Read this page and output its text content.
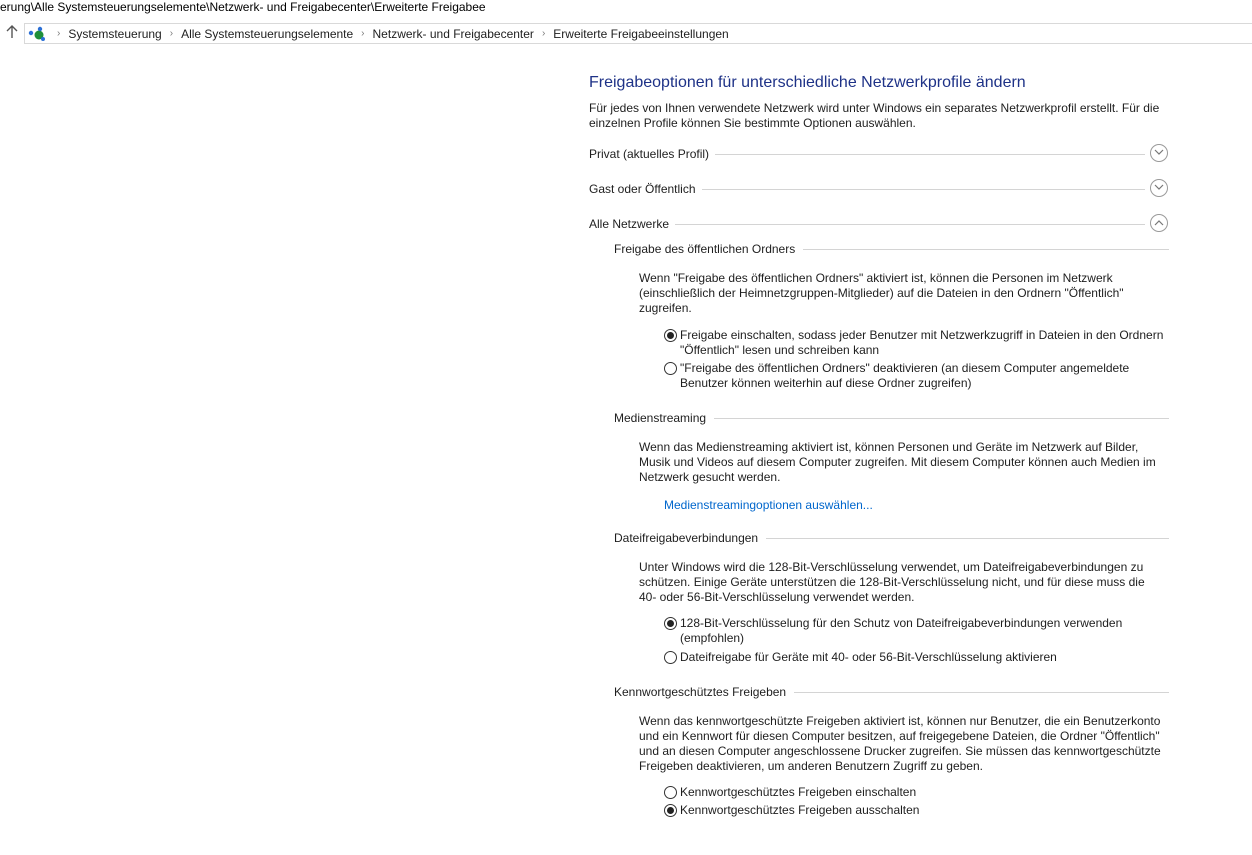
erung\Alle Systemsteuerungselemente\Netzwerk- und Freigabecenter\Erweiterte Freigabee
› Systemsteuerung › Alle Systemsteuerungselemente › Netzwerk- und Freigabecenter › Erweiterte Freigabeeinstellungen
Freigabeoptionen für unterschiedliche Netzwerkprofile ändern
Für jedes von Ihnen verwendete Netzwerk wird unter Windows ein separates Netzwerkprofil erstellt. Für die einzelnen Profile können Sie bestimmte Optionen auswählen.
Privat (aktuelles Profil)
Gast oder Öffentlich
Alle Netzwerke
Freigabe des öffentlichen Ordners
Wenn "Freigabe des öffentlichen Ordners" aktiviert ist, können die Personen im Netzwerk (einschließlich der Heimnetzgruppen-Mitglieder) auf die Dateien in den Ordnern "Öffentlich" zugreifen.
Freigabe einschalten, sodass jeder Benutzer mit Netzwerkzugriff in Dateien in den Ordnern "Öffentlich" lesen und schreiben kann
"Freigabe des öffentlichen Ordners" deaktivieren (an diesem Computer angemeldete Benutzer können weiterhin auf diese Ordner zugreifen)
Medienstreaming
Wenn das Medienstreaming aktiviert ist, können Personen und Geräte im Netzwerk auf Bilder, Musik und Videos auf diesem Computer zugreifen. Mit diesem Computer können auch Medien im Netzwerk gesucht werden.
Medienstreamingoptionen auswählen...
Dateifreigabeverbindungen
Unter Windows wird die 128-Bit-Verschlüsselung verwendet, um Dateifreigabeverbindungen zu schützen. Einige Geräte unterstützen die 128-Bit-Verschlüsselung nicht, und für diese muss die 40- oder 56-Bit-Verschlüsselung verwendet werden.
128-Bit-Verschlüsselung für den Schutz von Dateifreigabeverbindungen verwenden (empfohlen)
Dateifreigabe für Geräte mit 40- oder 56-Bit-Verschlüsselung aktivieren
Kennwortgeschütztes Freigeben
Wenn das kennwortgeschützte Freigeben aktiviert ist, können nur Benutzer, die ein Benutzerkonto und ein Kennwort für diesen Computer besitzen, auf freigegebene Dateien, die Ordner "Öffentlich" und an diesen Computer angeschlossene Drucker zugreifen. Sie müssen das kennwortgeschützte Freigeben deaktivieren, um anderen Benutzern Zugriff zu geben.
Kennwortgeschütztes Freigeben einschalten
Kennwortgeschütztes Freigeben ausschalten
